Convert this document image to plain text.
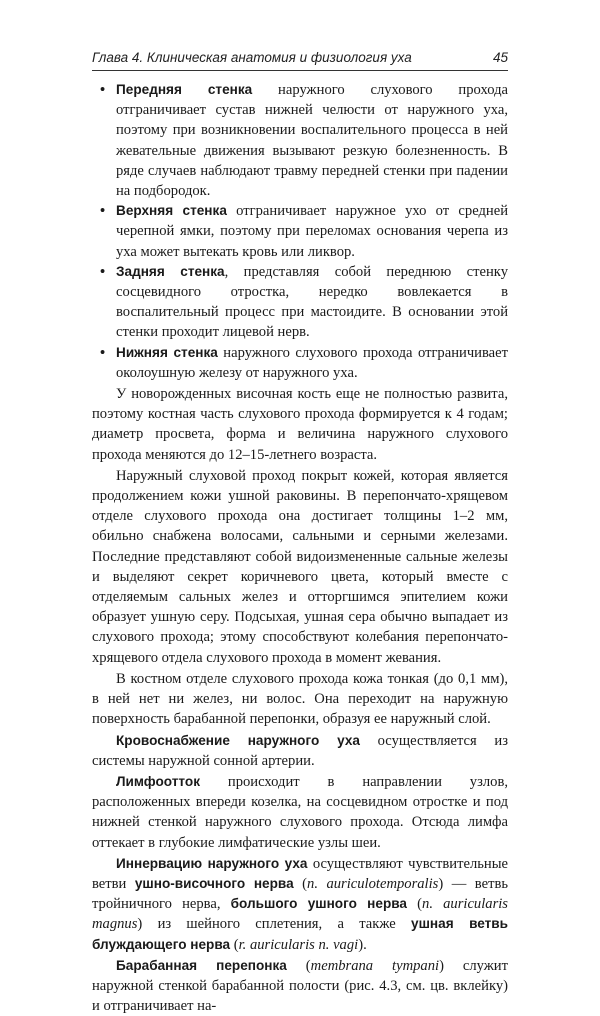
Глава 4. Клиническая анатомия и физиология уха	45
• Передняя стенка наружного слухового прохода отграничивает сустав нижней челюсти от наружного уха, поэтому при возникновении воспалительного процесса в ней жевательные движения вызывают резкую болезненность. В ряде случаев наблюдают травму передней стенки при падении на подбородок.
• Верхняя стенка отграничивает наружное ухо от средней черепной ямки, поэтому при переломах основания черепа из уха может вытекать кровь или ликвор.
• Задняя стенка, представляя собой переднюю стенку сосцевидного отростка, нередко вовлекается в воспалительный процесс при мастоидите. В основании этой стенки проходит лицевой нерв.
• Нижняя стенка наружного слухового прохода отграничивает околоушную железу от наружного уха.

У новорожденных височная кость еще не полностью развита, поэтому костная часть слухового прохода формируется к 4 годам; диаметр просвета, форма и величина наружного слухового прохода меняются до 12–15-летнего возраста.

Наружный слуховой проход покрыт кожей, которая является продолжением кожи ушной раковины. В перепончато-хрящевом отделе слухового прохода она достигает толщины 1–2 мм, обильно снабжена волосами, сальными и серными железами. Последние представляют собой видоизмененные сальные железы и выделяют секрет коричневого цвета, который вместе с отделяемым сальных желез и отторгшимся эпителием кожи образует ушную серу. Подсыхая, ушная сера обычно выпадает из слухового прохода; этому способствуют колебания перепончато-хрящевого отдела слухового прохода в момент жевания.

В костном отделе слухового прохода кожа тонкая (до 0,1 мм), в ней нет ни желез, ни волос. Она переходит на наружную поверхность барабанной перепонки, образуя ее наружный слой.

Кровоснабжение наружного уха осуществляется из системы наружной сонной артерии.

Лимфоотток происходит в направлении узлов, расположенных впереди козелка, на сосцевидном отростке и под нижней стенкой наружного слухового прохода. Отсюда лимфа оттекает в глубокие лимфатические узлы шеи.

Иннервацию наружного уха осуществляют чувствительные ветви ушно-височного нерва (n. auriculotemporalis) — ветвь тройничного нерва, большого ушного нерва (n. auricularis magnus) из шейного сплетения, а также ушная ветвь блуждающего нерва (r. auricularis n. vagi).

Барабанная перепонка (membrana tympani) служит наружной стенкой барабанной полости (рис. 4.3, см. цв. вклейку) и отграничивает на-
